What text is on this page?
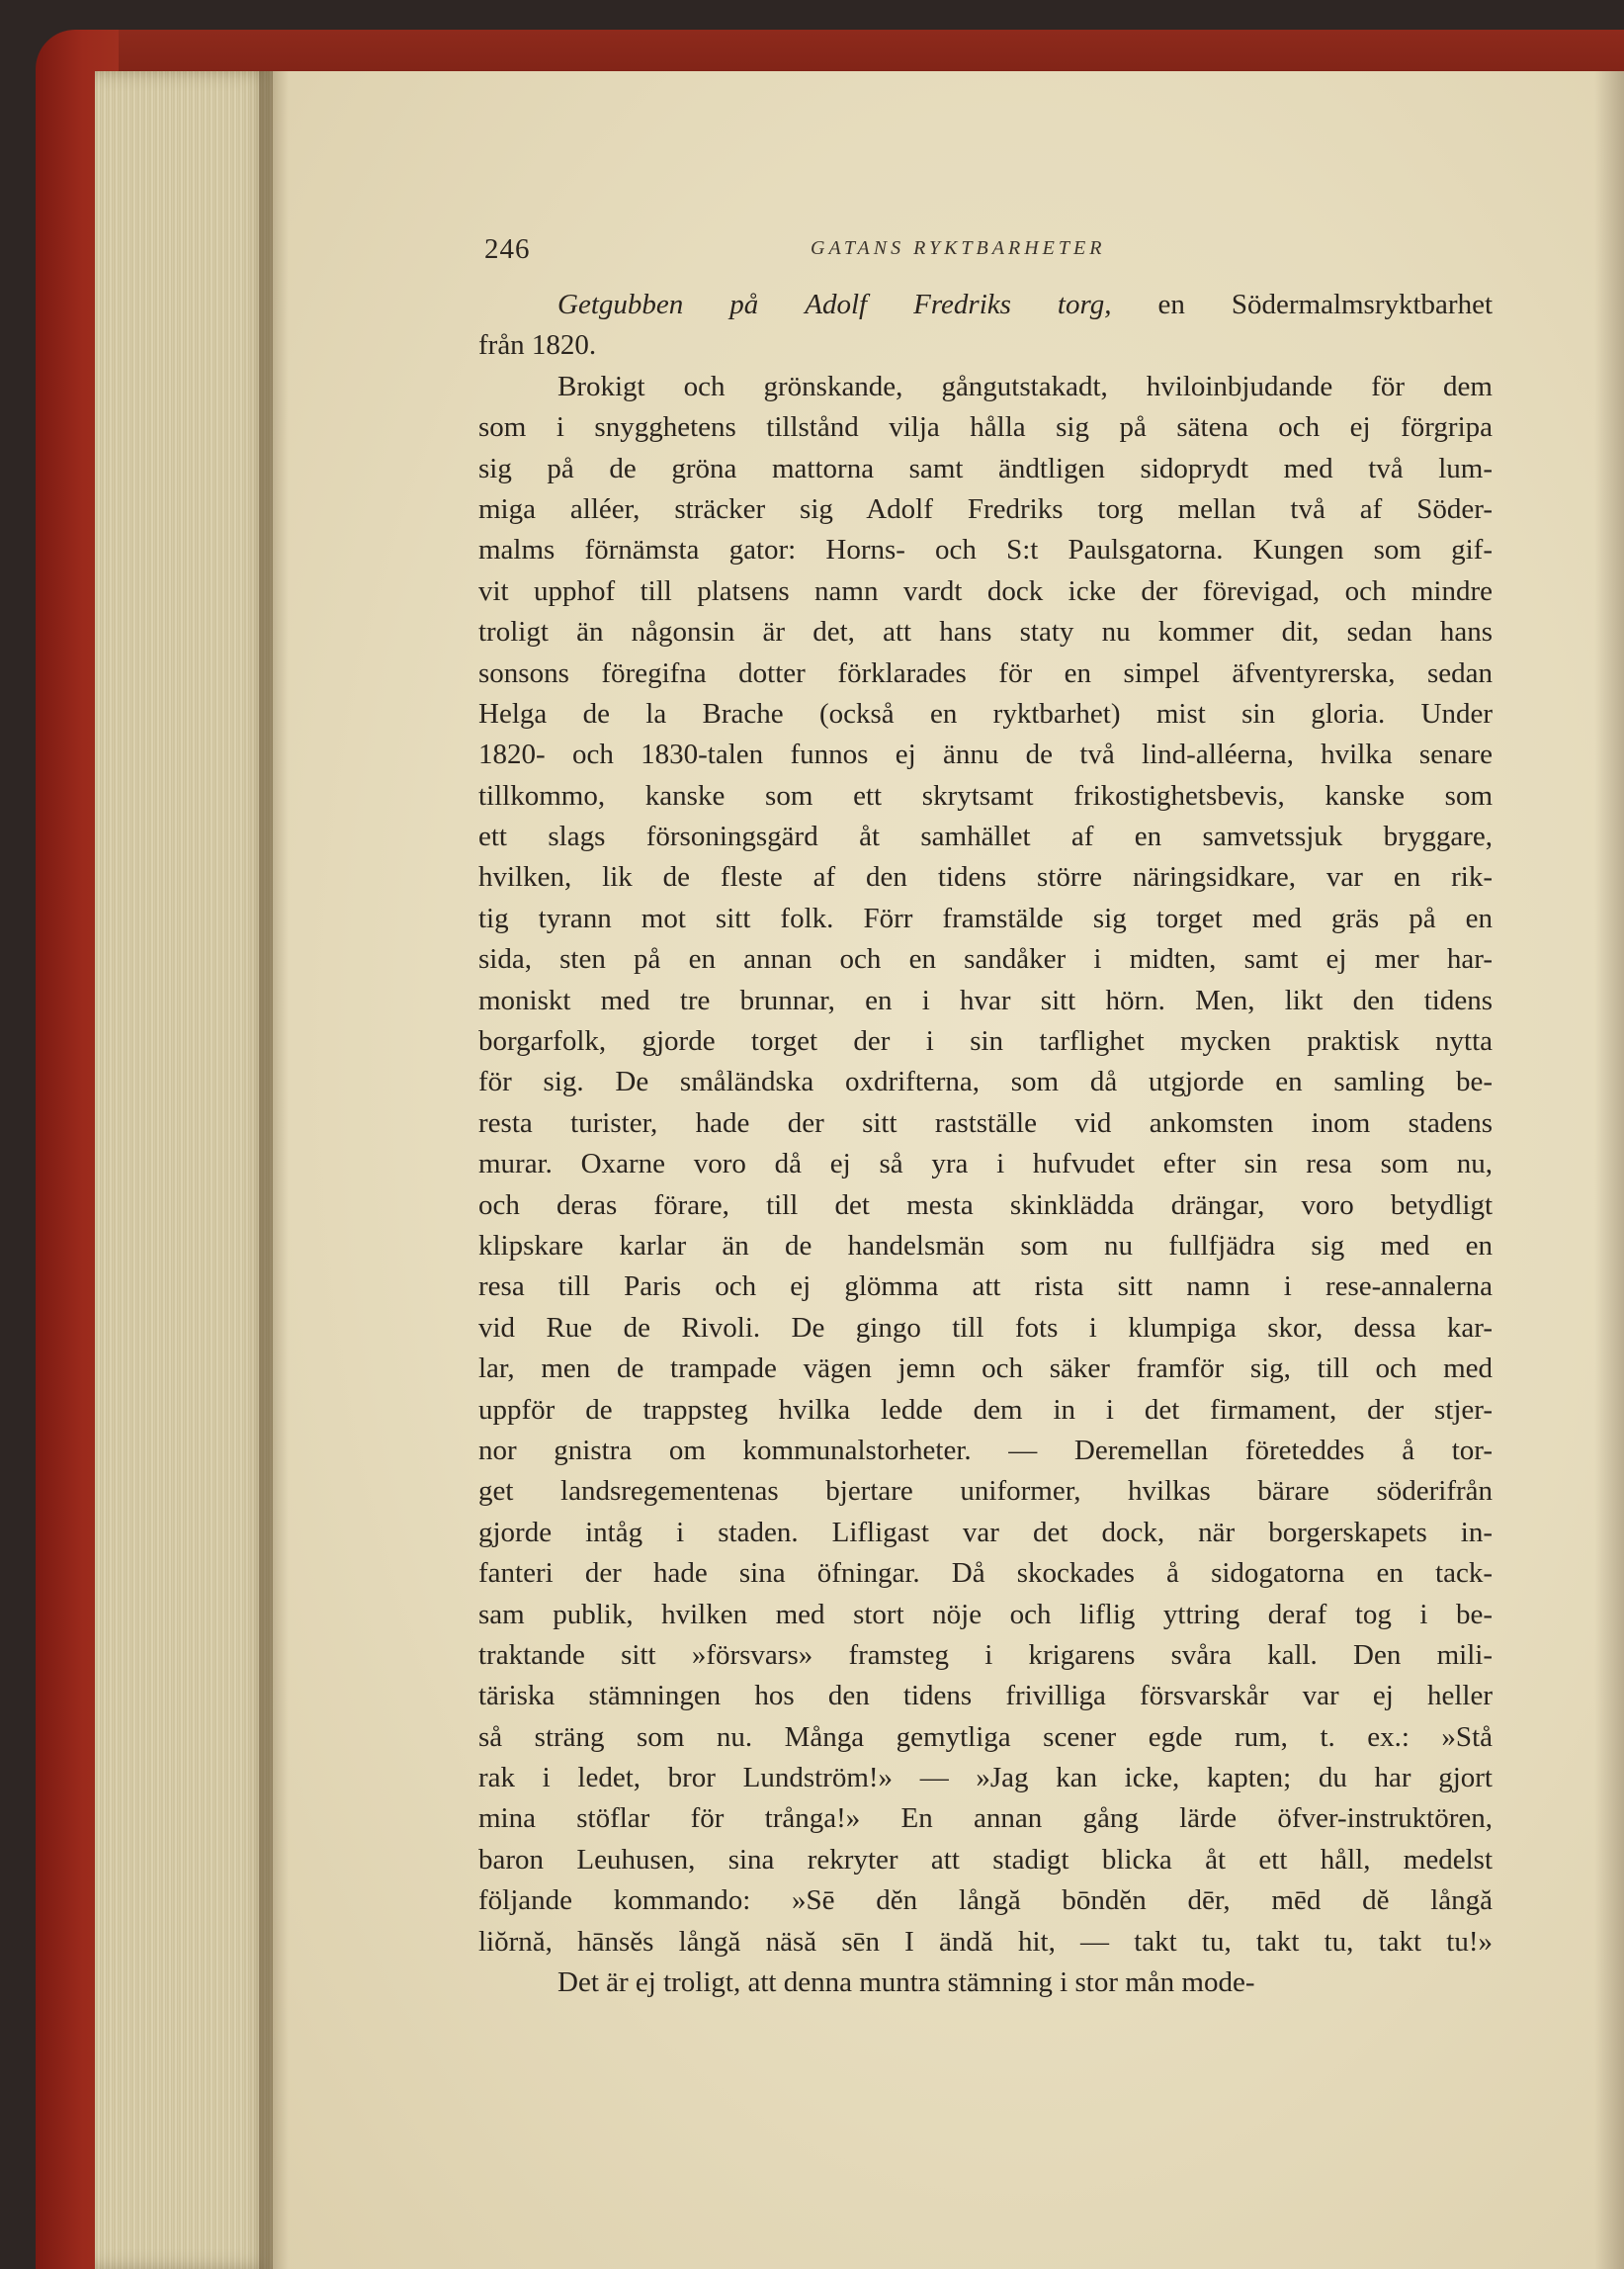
246	GATANS RYKTBARHETER
Getgubben på Adolf Fredriks torg, en Södermalmsryktbarhet
från 1820.
Brokigt och grönskande, gångutstakadt, hviloinbjudande för dem
som i snygghetens tillstånd vilja hålla sig på sätena och ej förgripa
sig på de gröna mattorna samt ändtligen sidoprydt med två lum-
miga alléer, sträcker sig Adolf Fredriks torg mellan två af Söder-
malms förnämsta gator: Horns- och S:t Paulsgatorna. Kungen som gif-
vit upphof till platsens namn vardt dock icke der förevigad, och mindre
troligt än någonsin är det, att hans staty nu kommer dit, sedan hans
sonsons föregifna dotter förklarades för en simpel äfventyrerska, sedan
Helga de la Brache (också en ryktbarhet) mist sin gloria. Under
1820- och 1830-talen funnos ej ännu de två lind-alléerna, hvilka senare
tillkommo, kanske som ett skrytsamt frikostighetsbevis, kanske som
ett slags försoningsgärd åt samhället af en samvetssjuk bryggare,
hvilken, lik de fleste af den tidens större näringsidkare, var en rik-
tig tyrann mot sitt folk. Förr framstälde sig torget med gräs på en
sida, sten på en annan och en sandåker i midten, samt ej mer har-
moniskt med tre brunnar, en i hvar sitt hörn. Men, likt den tidens
borgarfolk, gjorde torget der i sin tarflighet mycken praktisk nytta
för sig. De småländska oxdrifterna, som då utgjorde en samling be-
resta turister, hade der sitt rastställe vid ankomsten inom stadens
murar. Oxarne voro då ej så yra i hufvudet efter sin resa som nu,
och deras förare, till det mesta skinklädda drängar, voro betydligt
klipskare karlar än de handelsmän som nu fullfjädra sig med en
resa till Paris och ej glömma att rista sitt namn i rese-annalerna
vid Rue de Rivoli. De gingo till fots i klumpiga skor, dessa kar-
lar, men de trampade vägen jemn och säker framför sig, till och med
uppför de trappsteg hvilka ledde dem in i det firmament, der stjer-
nor gnistra om kommunalstorheter. — Deremellan företeddes å tor-
get landsregementenas bjertare uniformer, hvilkas bärare söderifrån
gjorde intåg i staden. Lifligast var det dock, när borgerskapets in-
fanteri der hade sina öfningar. Då skockades å sidogatorna en tack-
sam publik, hvilken med stort nöje och liflig yttring deraf tog i be-
traktande sitt »försvars» framsteg i krigarens svåra kall. Den mili-
täriska stämningen hos den tidens frivilliga försvarskår var ej heller
så sträng som nu. Många gemytliga scener egde rum, t. ex.: »Stå
rak i ledet, bror Lundström!» — »Jag kan icke, kapten; du har gjort
mina stöflar för trånga!» En annan gång lärde öfver-instruktören,
baron Leuhusen, sina rekryter att stadigt blicka åt ett håll, medelst
följande kommando: »Sē dĕn långă bōndĕn dēr, mēd dĕ långă
liŏrnă, hānsĕs långă näsă sēn I ändă hit, — takt tu, takt tu, takt tu!»
Det är ej troligt, att denna muntra stämning i stor mån mode-
